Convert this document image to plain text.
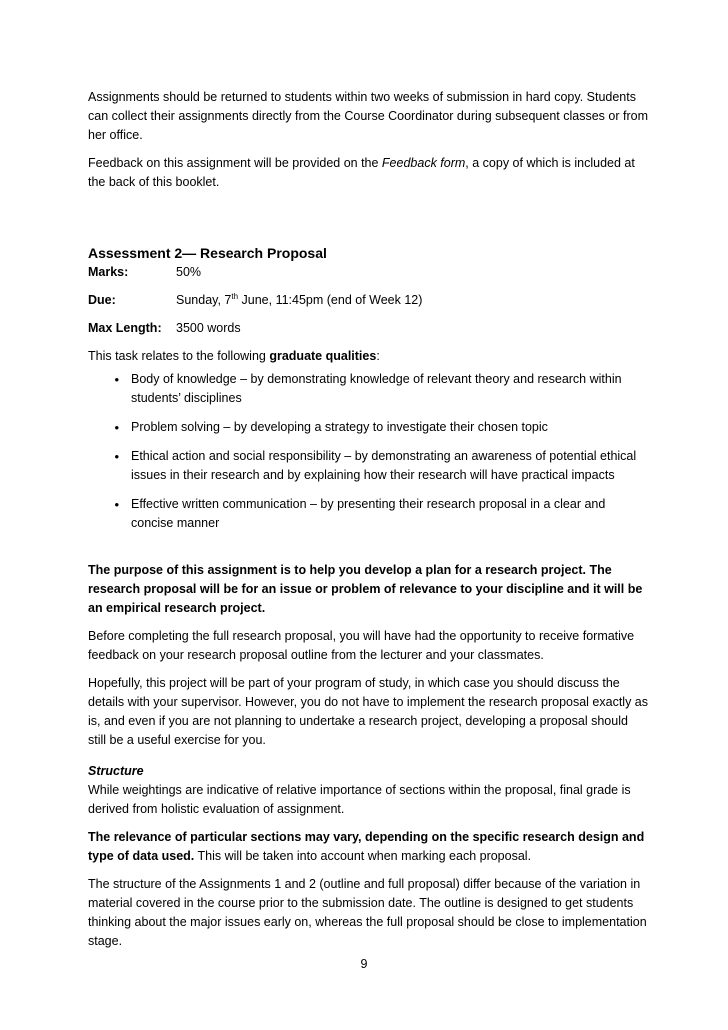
Assignments should be returned to students within two weeks of submission in hard copy. Students can collect their assignments directly from the Course Coordinator during subsequent classes or from her office.

Feedback on this assignment will be provided on the Feedback form, a copy of which is included at the back of this booklet.

Assessment 2— Research Proposal
Marks:	50%
Due:	Sunday, 7th June, 11:45pm (end of Week 12)
Max Length:	3500 words

This task relates to the following graduate qualities:

• Body of knowledge – by demonstrating knowledge of relevant theory and research within students’ disciplines
• Problem solving – by developing a strategy to investigate their chosen topic
• Ethical action and social responsibility – by demonstrating an awareness of potential ethical issues in their research and by explaining how their research will have practical impacts
• Effective written communication – by presenting their research proposal in a clear and concise manner

The purpose of this assignment is to help you develop a plan for a research project. The research proposal will be for an issue or problem of relevance to your discipline and it will be an empirical research project.

Before completing the full research proposal, you will have had the opportunity to receive formative feedback on your research proposal outline from the lecturer and your classmates.

Hopefully, this project will be part of your program of study, in which case you should discuss the details with your supervisor. However, you do not have to implement the research proposal exactly as is, and even if you are not planning to undertake a research project, developing a proposal should still be a useful exercise for you.

Structure

While weightings are indicative of relative importance of sections within the proposal, final grade is derived from holistic evaluation of assignment.

The relevance of particular sections may vary, depending on the specific research design and type of data used. This will be taken into account when marking each proposal.

The structure of the Assignments 1 and 2 (outline and full proposal) differ because of the variation in material covered in the course prior to the submission date. The outline is designed to get students thinking about the major issues early on, whereas the full proposal should be close to implementation stage.

9
